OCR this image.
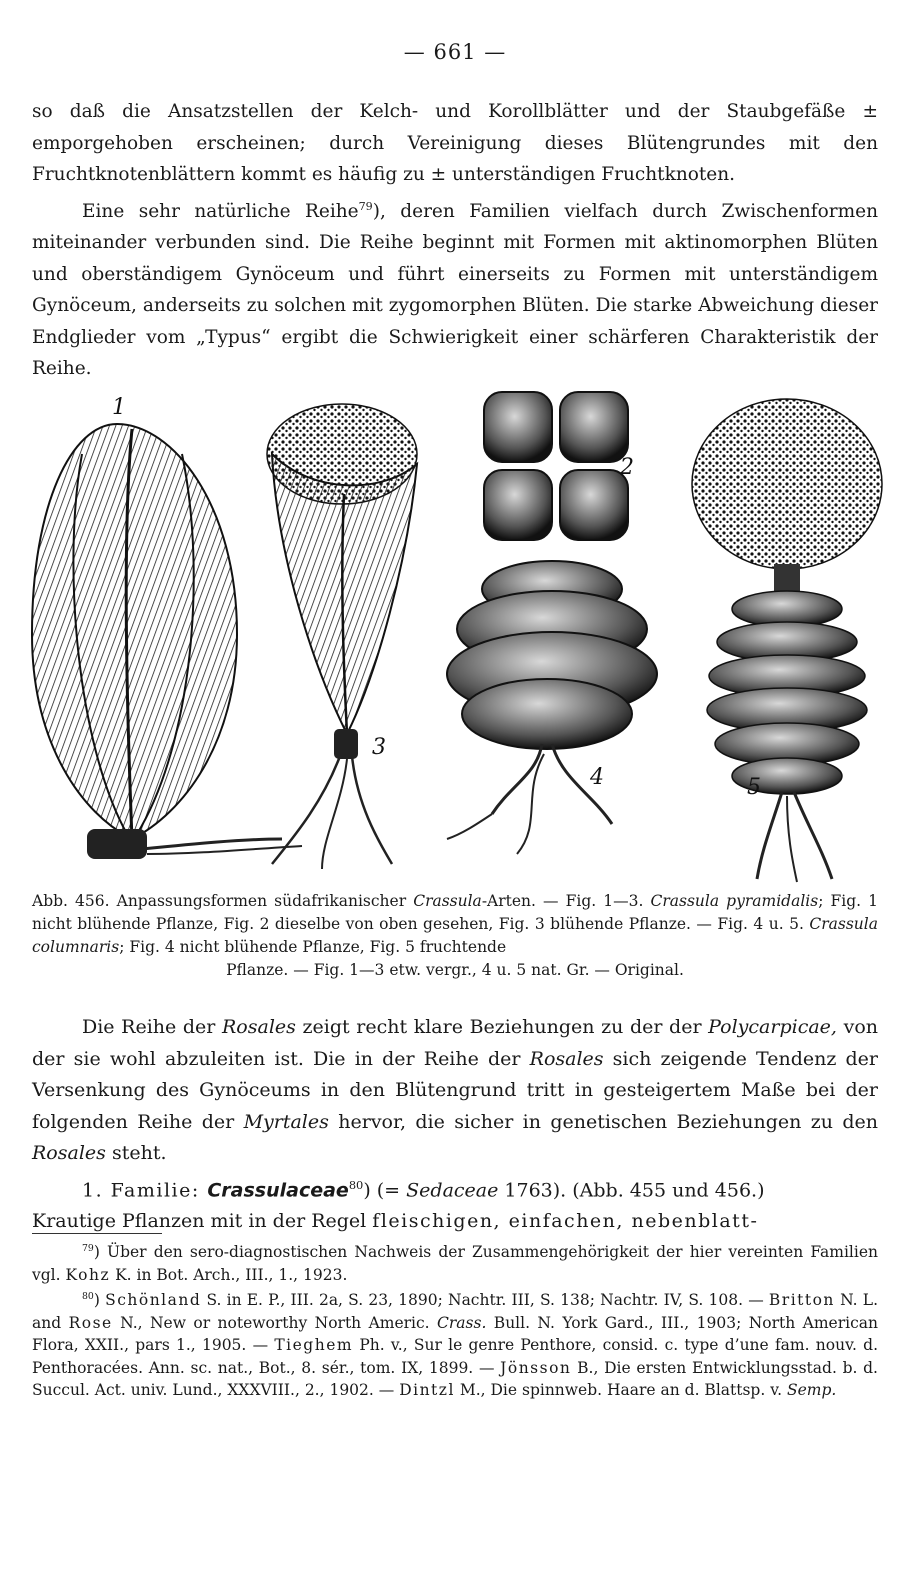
— 661 —

so daß die Ansatzstellen der Kelch- und Korollblätter und der Staubgefäße ± emporgehoben erscheinen; durch Vereinigung dieses Blütengrundes mit den Fruchtknotenblättern kommt es häufig zu ± unterständigen Fruchtknoten.

Eine sehr natürliche Reihe$^{79}$), deren Familien vielfach durch Zwischenformen miteinander verbunden sind. Die Reihe beginnt mit Formen mit aktinomorphen Blüten und oberständigem Gynöceum und führt einerseits zu Formen mit unterständigem Gynöceum, anderseits zu solchen mit zygomorphen Blüten. Die starke Abweichung dieser Endglieder vom „Typus“ ergibt die Schwierigkeit einer schärferen Charakteristik der Reihe.

1
2
3
4	5
Abb. 456. Anpassungsformen südafrikanischer Crassula-Arten. — Fig. 1—3. Crassula pyramidalis; Fig. 1 nicht blühende Pflanze, Fig. 2 dieselbe von oben gesehen, Fig. 3 blühende Pflanze. — Fig. 4 u. 5. Crassula columnaris; Fig. 4 nicht blühende Pflanze, Fig. 5 fruchtende
Pflanze. — Fig. 1—3 etw. vergr., 4 u. 5 nat. Gr. — Original.

Die Reihe der Rosales zeigt recht klare Beziehungen zu der der Polycarpicae, von der sie wohl abzuleiten ist. Die in der Reihe der Rosales sich zeigende Tendenz der Versenkung des Gynöceums in den Blütengrund tritt in gesteigertem Maße bei der folgenden Reihe der Myrtales hervor, die sicher in genetischen Beziehungen zu den Rosales steht.

1. Familie: Crassulaceae$^{80}$) (= Sedaceae 1763). (Abb. 455 und 456.)

Krautige Pflanzen mit in der Regel fleischigen, einfachen, nebenblatt-

$^{79}$) Über den sero-diagnostischen Nachweis der Zusammengehörigkeit der hier vereinten Familien vgl. Kohz K. in Bot. Arch., III., 1., 1923.

$^{80}$) Schönland S. in E. P., III. 2a, S. 23, 1890; Nachtr. III, S. 138; Nachtr. IV, S. 108. — Britton N. L. and Rose N., New or noteworthy North Americ. Crass. Bull. N. York Gard., III., 1903; North American Flora, XXII., pars 1., 1905. — Tieghem Ph. v., Sur le genre Penthore, consid. c. type d’une fam. nouv. d. Penthoracées. Ann. sc. nat., Bot., 8. sér., tom. IX, 1899. — Jönsson B., Die ersten Entwicklungsstad. b. d. Succul. Act. univ. Lund., XXXVIII., 2., 1902. — Dintzl M., Die spinnweb. Haare an d. Blattsp. v. Semp.
